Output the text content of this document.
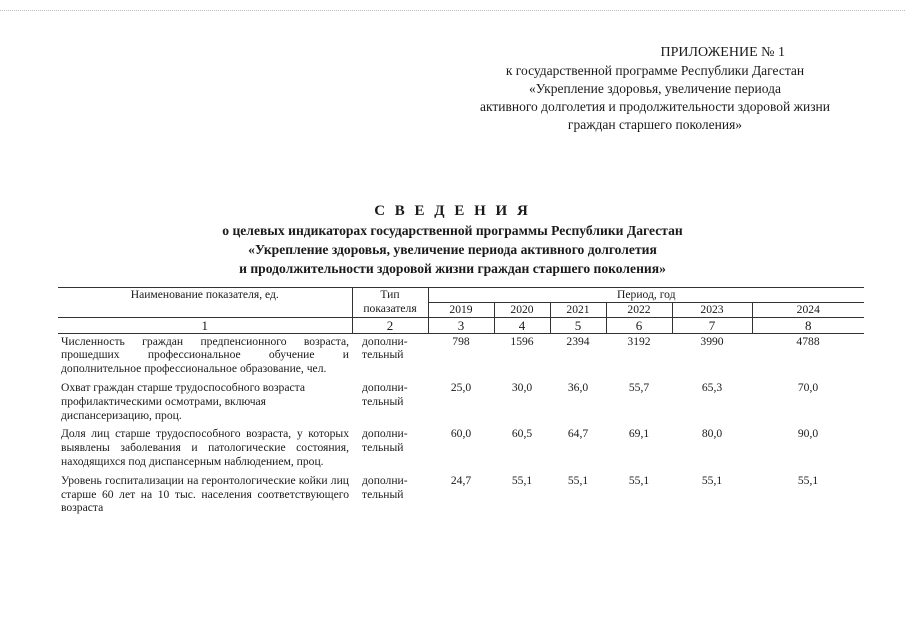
ПРИЛОЖЕНИЕ № 1
к государственной программе Республики Дагестан
«Укрепление здоровья, увеличение периода
активного долголетия и продолжительности здоровой жизни
граждан старшего поколения»
С В Е Д Е Н И Я
о целевых индикаторах государственной программы Республики Дагестан
«Укрепление здоровья, увеличение периода активного долголетия
и продолжительности здоровой жизни граждан старшего поколения»
Наименование показателя, ед.	Тип показателя	Период, год					
		2019	2020	2021	2022	2023	2024
1	2	3	4	5	6	7	8
Численность граждан предпенсионного возраста, прошедших профессиональное обучение и дополнительное профессиональное образование, чел.	дополни- тельный	798	1596	2394	3192	3990	4788
Охват граждан старше трудоспособного возраста профилактическими осмотрами, включая диспансеризацию, проц.	дополни- тельный	25,0	30,0	36,0	55,7	65,3	70,0
Доля лиц старше трудоспособного возраста, у которых выявлены заболевания и патологические состояния, находящихся под диспансерным наблюдением, проц.	дополни- тельный	60,0	60,5	64,7	69,1	80,0	90,0
Уровень госпитализации на геронтологические койки лиц старше 60 лет на 10 тыс. населения соответствующего возраста	дополни- тельный	24,7	55,1	55,1	55,1	55,1	55,1
